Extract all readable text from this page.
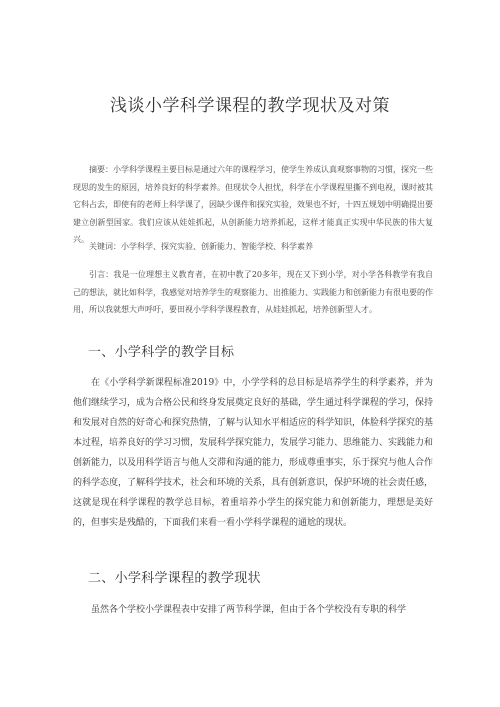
浅谈小学科学课程的教学现状及对策

摘要：小学科学课程主要目标是通过六年的课程学习，使学生养成认真观察事物的习惯，探究一些现思的发生的原因，培养良好的科学素养。但现状令人担忧，科学在小学课程里撕不到电视，课时被其它科占去，即使有的老师上科学课了，因缺少课件和探究实验，效果也不好，十四五规划中明确提出要建立创新型国家。我们应该从娃娃抓起，从创新能力培养抓起，这样才能真正实现中华民族的伟大复兴。

关键词：小学科学、探究实验、创新能力、智能学校、科学素养

引言：我是一位理想主义教育者，在初中教了20多年，现在又下到小学，对小学各科教学有我自己的想法，就比如科学，我感觉对培养学生的观察能力、出推能力、实践能力和创新能力有很电要的作用，所以我就想大声呼吁，要田视小学科学课程教育，从娃娃抓起，培养创新型人才。

一、小学科学的教学目标

在《小学科学新课程标准2019》中，小学学科的总目标是培养学生的科学素养，并为他们继续学习，成为合格公民和终身发展奠定良好的基础，学生通过科学课程的学习，保持和发展对自然的好奇心和探究热情，了解与认知水平相适应的科学知识，体脸科学探究的基本过程，培养良好的学习习惯，发展科学探究能力，发展学习能力、思维能力、实践能力和创新能力，以及用科学语言与他人交滞和沟通的能力，形成尊重事实，乐于探究与他人合作的科学态度，了解科学技术，社会和环境的关系，具有创新意识，保护环境的社会责任感，这就是现在科学课程的教学总目标，着重培养小学生的探究能力和创新能力，理想是美好的，但事实是残酷的，下面我们来看一看小学科学课程的通尬的现状。

二、小学科学课程的教学现状

虽然各个学校小学课程表中安排了两节科学课，但由于各个学校没有专职的科学
